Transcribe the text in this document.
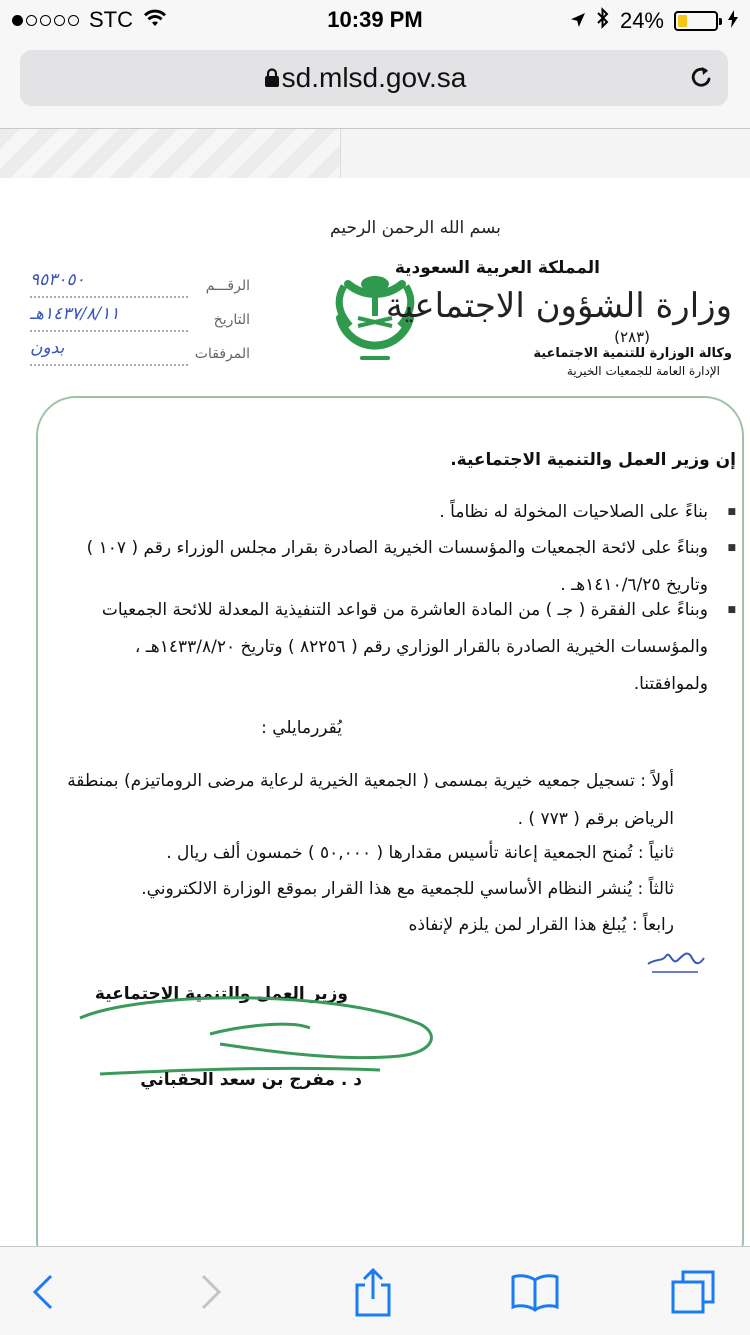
STC	10:39 PM	24%
sd.mlsd.gov.sa
بسم الله الرحمن الرحيم
المملكة العربية السعودية
وزارة الشؤون الاجتماعية
(٢٨٣)
وكالة الوزارة للتنمية الاجتماعية
الإدارة العامة للجمعيات الخيرية
الرقـــم
٩٥٣٠٥٠
التاريخ
١٤٣٧/٨/١١هـ
المرفقات
بدون
إن وزير العمل والتنمية الاجتماعية.
■ بناءً على الصلاحيات المخولة له نظاماً .
■ وبناءً على لائحة الجمعيات والمؤسسات الخيرية الصادرة بقرار مجلس الوزراء رقم ( ١٠٧ ) وتاريخ ١٤١٠/٦/٢٥هـ .
■ وبناءً على الفقرة ( جـ ) من المادة العاشرة من قواعد التنفيذية المعدلة للائحة الجمعيات والمؤسسات الخيرية الصادرة بالقرار الوزاري رقم ( ٨٢٢٥٦ ) وتاريخ ١٤٣٣/٨/٢٠هـ ، ولموافقتنا.
يُقررمايلي :
أولاً : تسجيل جمعيه خيرية بمسمى ( الجمعية الخيرية لرعاية مرضى الروماتيزم) بمنطقة الرياض برقم ( ٧٧٣ ) .
ثانياً : تُمنح الجمعية إعانة تأسيس مقدارها ( ٥٠,٠٠٠ ) خمسون ألف ريال .
ثالثاً : يُنشر النظام الأساسي للجمعية مع هذا القرار بموقع الوزارة الالكتروني.
رابعاً : يُبلغ هذا القرار لمن يلزم لإنفاذه
وزير العمل والتنمية الاجتماعية
د . مفرج بن سعد الحقباني
